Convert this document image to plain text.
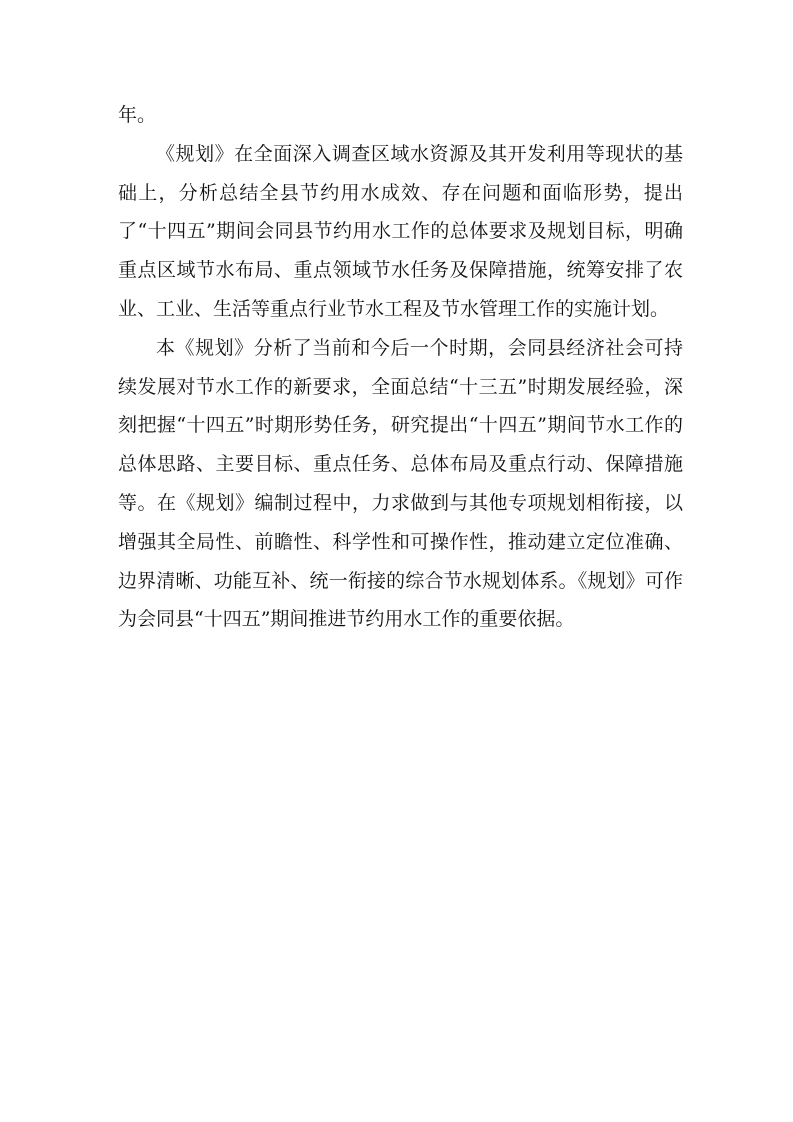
年。

《规划》在全面深入调查区域水资源及其开发利用等现状的基础上，分析总结全县节约用水成效、存在问题和面临形势，提出了“十四五”期间会同县节约用水工作的总体要求及规划目标，明确重点区域节水布局、重点领域节水任务及保障措施，统筹安排了农业、工业、生活等重点行业节水工程及节水管理工作的实施计划。

本《规划》分析了当前和今后一个时期，会同县经济社会可持续发展对节水工作的新要求，全面总结“十三五”时期发展经验，深刻把握“十四五”时期形势任务，研究提出“十四五”期间节水工作的总体思路、主要目标、重点任务、总体布局及重点行动、保障措施等。在《规划》编制过程中，力求做到与其他专项规划相衔接，以增强其全局性、前瞻性、科学性和可操作性，推动建立定位准确、边界清晰、功能互补、统一衔接的综合节水规划体系。《规划》可作为会同县“十四五”期间推进节约用水工作的重要依据。
